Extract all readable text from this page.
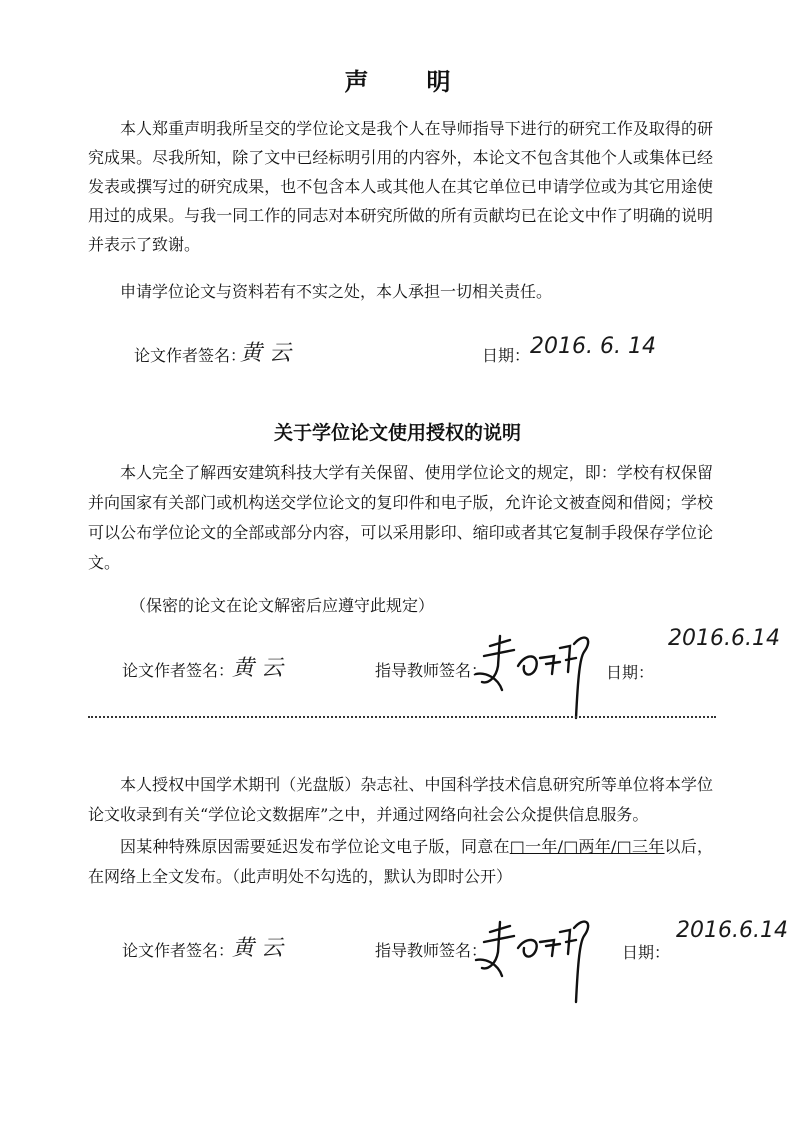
声 明
本人郑重声明我所呈交的学位论文是我个人在导师指导下进行的研究工作及取得的研究成果。尽我所知，除了文中已经标明引用的内容外，本论文不包含其他个人或集体已经发表或撰写过的研究成果，也不包含本人或其他人在其它单位已申请学位或为其它用途使用过的成果。与我一同工作的同志对本研究所做的所有贡献均已在论文中作了明确的说明并表示了致谢。
申请学位论文与资料若有不实之处，本人承担一切相关责任。
论文作者签名：
黄 云	日期： 2016. 6. 14
关于学位论文使用授权的说明
本人完全了解西安建筑科技大学有关保留、使用学位论文的规定，即：学校有权保留并向国家有关部门或机构送交学位论文的复印件和电子版，允许论文被查阅和借阅；学校可以公布学位论文的全部或部分内容，可以采用影印、缩印或者其它复制手段保存学位论文。
（保密的论文在论文解密后应遵守此规定）
论文作者签名：
黄 云	指导教师签名：	日期：
2016.6.14
本人授权中国学术期刊（光盘版）杂志社、中国科学技术信息研究所等单位将本学位论文收录到有关“学位论文数据库”之中，并通过网络向社会公众提供信息服务。
因某种特殊原因需要延迟发布学位论文电子版，同意在□一年/□两年/□三年以后，在网络上全文发布。（此声明处不勾选的，默认为即时公开）
论文作者签名：
黄 云	指导教师签名：	日期：
2016.6.14
